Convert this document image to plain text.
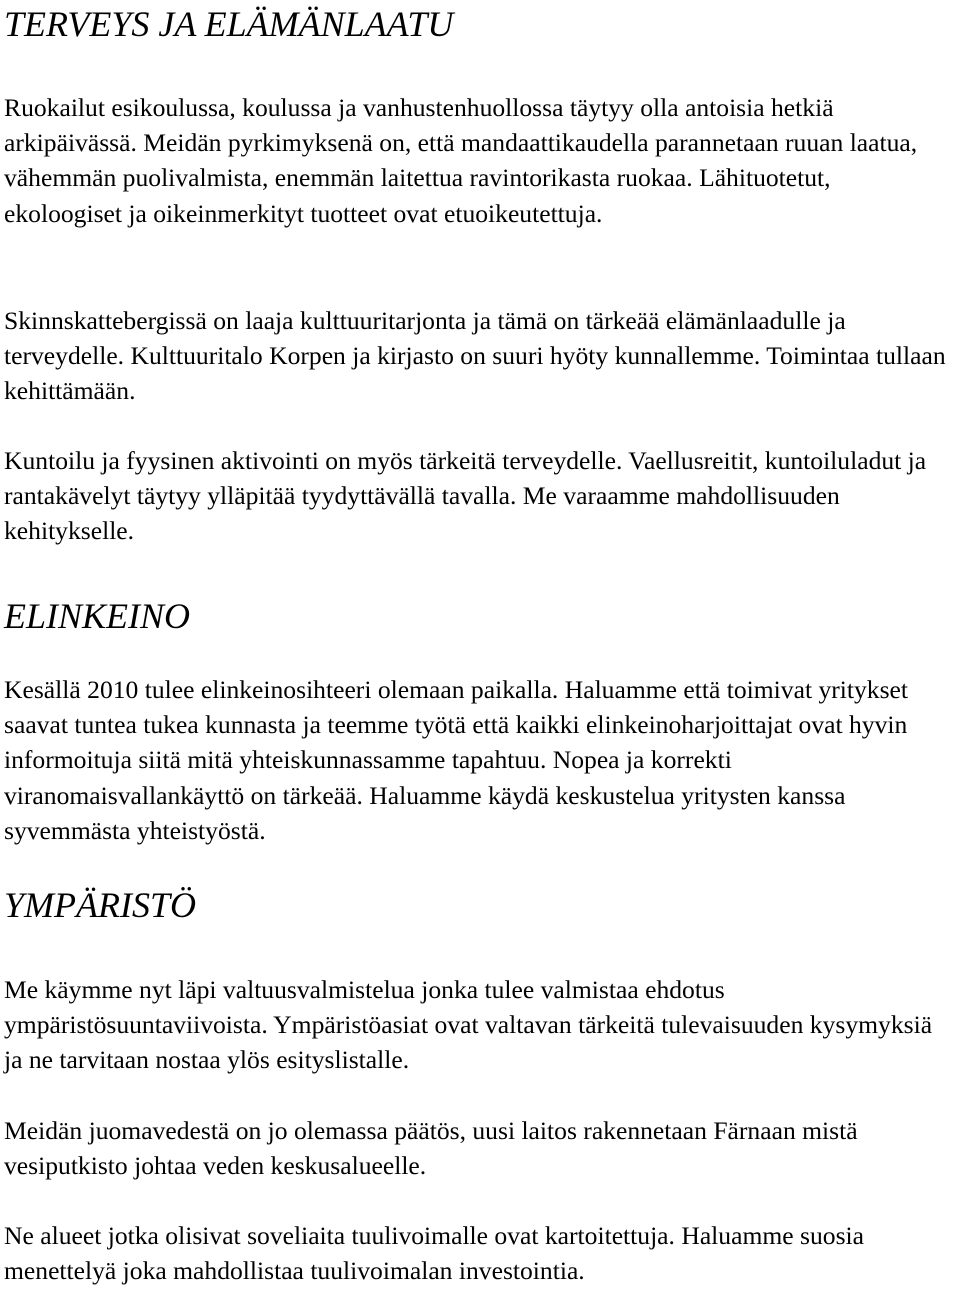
TERVEYS JA ELÄMÄNLAATU

Ruokailut esikoulussa, koulussa ja vanhustenhuollossa täytyy olla antoisia hetkiä arkipäivässä. Meidän pyrkimyksenä on, että mandaattikaudella parannetaan ruuan laatua, vähemmän puolivalmista, enemmän laitettua ravintorikasta ruokaa. Lähituotetut, ekoloogiset ja oikeinmerkityt tuotteet ovat etuoikeutettuja.

Skinnskattebergissä on laaja kulttuuritarjonta ja tämä on tärkeää elämänlaadulle ja terveydelle. Kulttuuritalo Korpen ja kirjasto on suuri hyöty kunnallemme. Toimintaa tullaan kehittämään.

Kuntoilu ja fyysinen aktivointi on myös tärkeitä terveydelle. Vaellusreitit, kuntoiluladut ja rantakävelyt täytyy ylläpitää tyydyttävällä tavalla. Me varaamme mahdollisuuden kehitykselle.

ELINKEINO

Kesällä 2010 tulee elinkeinosihteeri olemaan paikalla. Haluamme että toimivat yritykset saavat tuntea tukea kunnasta ja teemme työtä että kaikki elinkeinoharjoittajat ovat hyvin informoituja siitä mitä yhteiskunnassamme tapahtuu. Nopea ja korrekti viranomaisvallankäyttö on tärkeää. Haluamme käydä keskustelua yritysten kanssa syvemmästa yhteistyöstä.

YMPÄRISTÖ

Me käymme nyt läpi valtuusvalmistelua jonka tulee valmistaa ehdotus ympäristösuuntaviivoista. Ympäristöasiat ovat valtavan tärkeitä tulevaisuuden kysymyksiä ja ne tarvitaan nostaa ylös esityslistalle.

Meidän juomavedestä on jo olemassa päätös, uusi laitos rakennetaan Färnaan mistä vesiputkisto johtaa veden keskusalueelle.

Ne alueet jotka olisivat soveliaita tuulivoimalle ovat kartoitettuja. Haluamme suosia menettelyä joka mahdollistaa tuulivoimalan investointia.
